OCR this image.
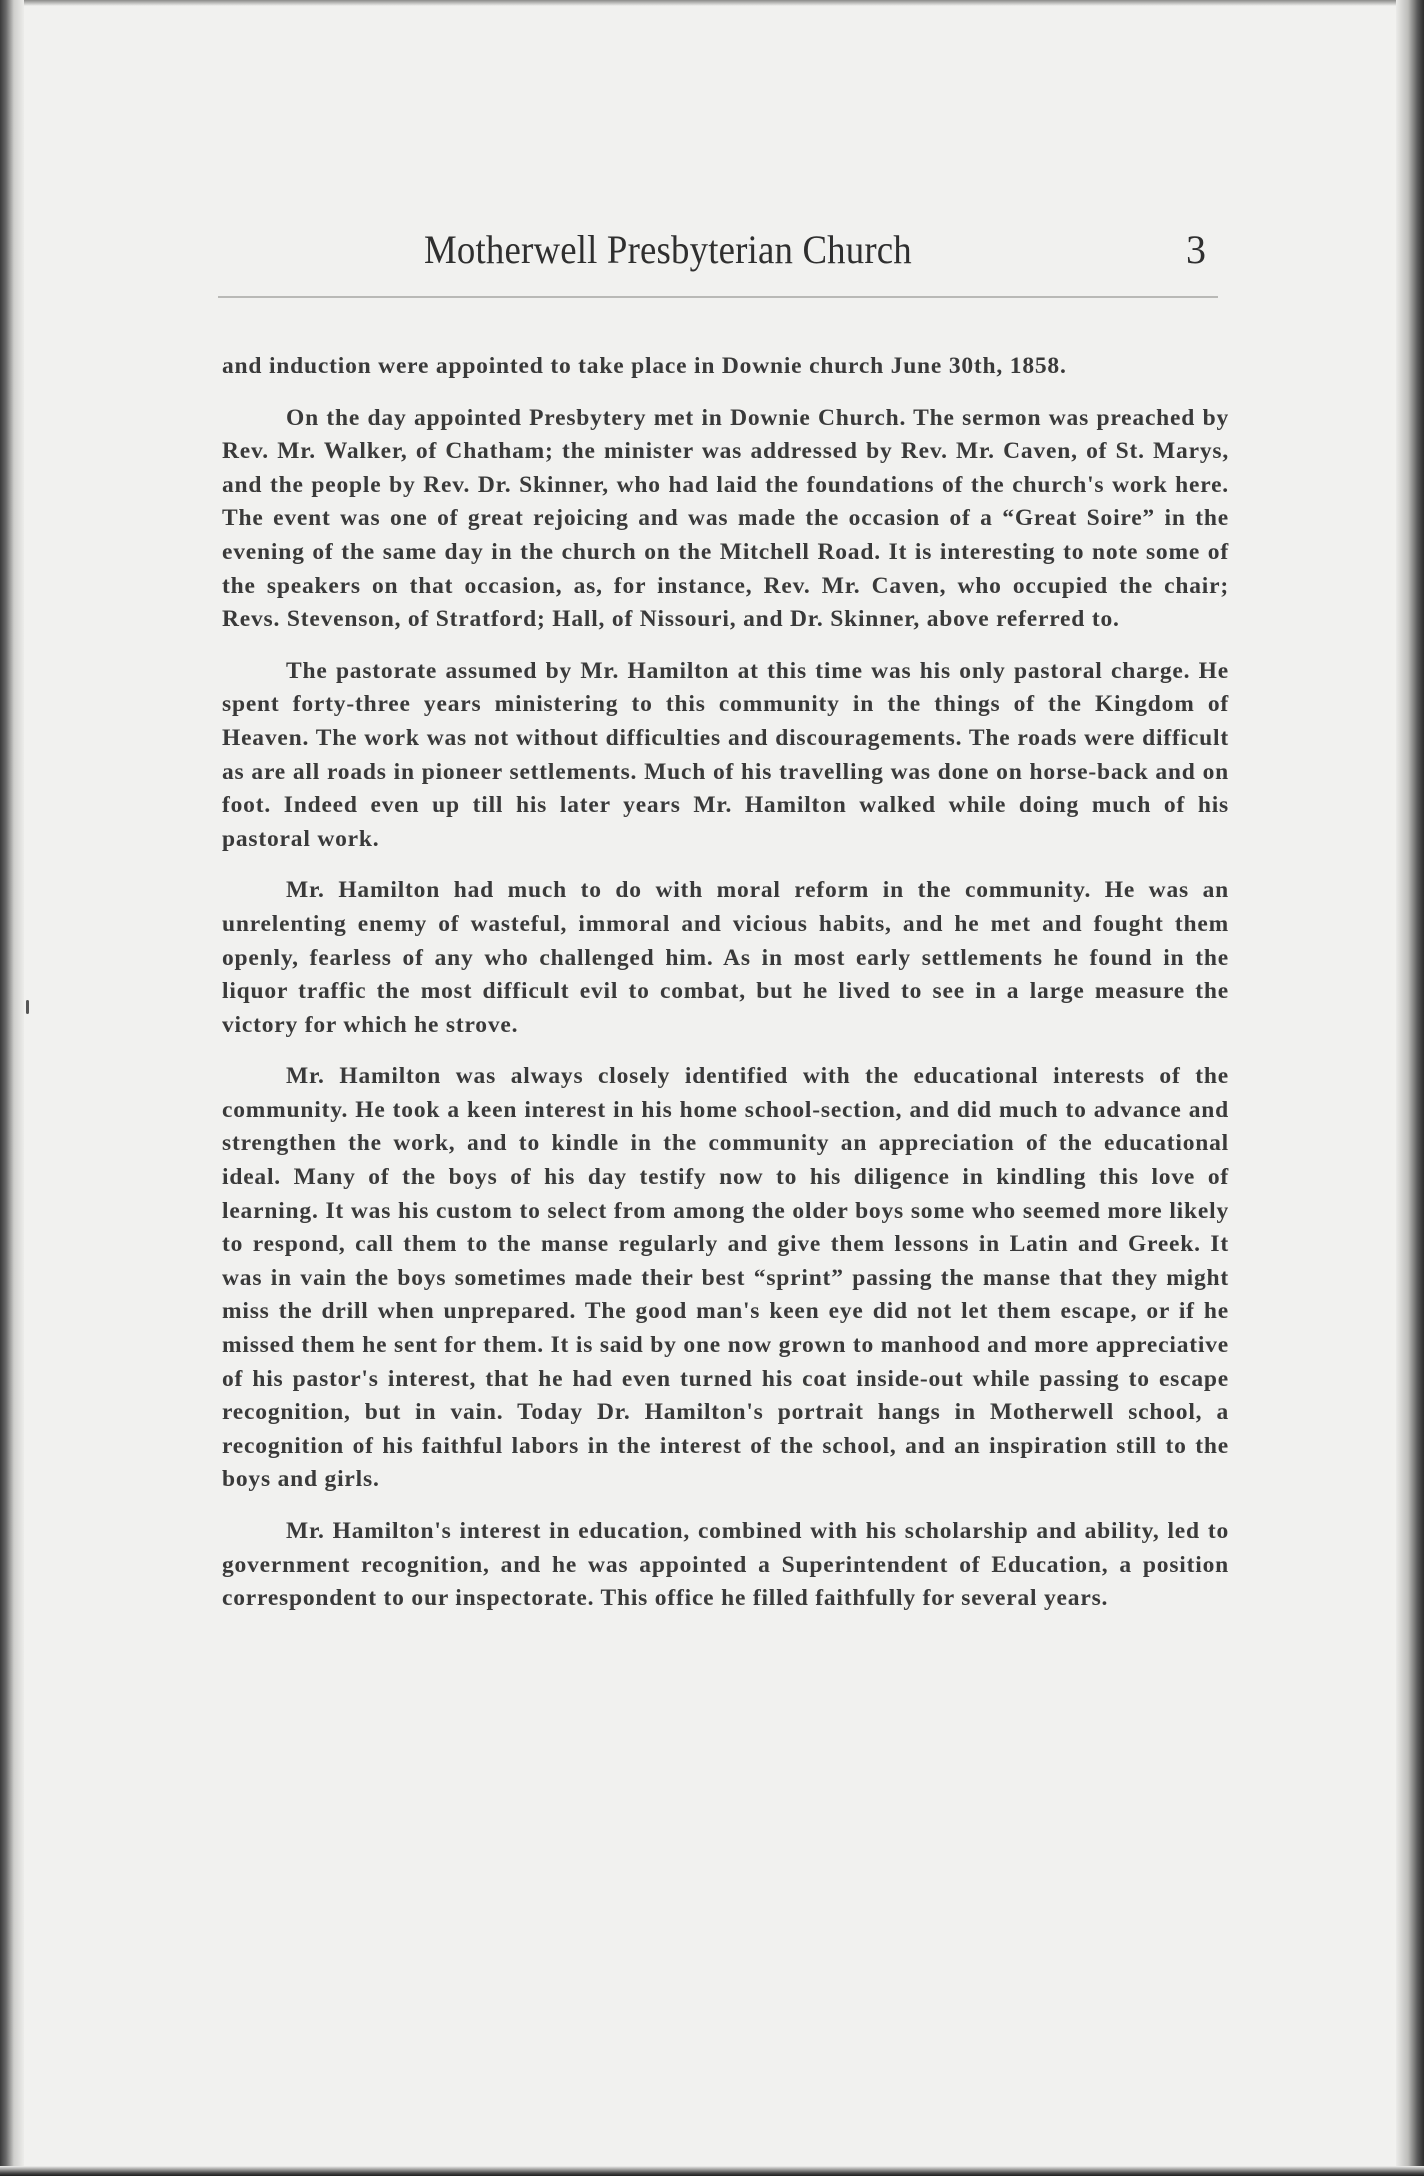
Motherwell Presbyterian Church	3

and induction were appointed to take place in Downie church June 30th, 1858.

On the day appointed Presbytery met in Downie Church. The sermon was preached by Rev. Mr. Walker, of Chatham; the minister was addressed by Rev. Mr. Caven, of St. Marys, and the people by Rev. Dr. Skinner, who had laid the foundations of the church's work here. The event was one of great rejoicing and was made the occasion of a “Great Soire” in the evening of the same day in the church on the Mitchell Road. It is interesting to note some of the speakers on that occasion, as, for instance, Rev. Mr. Caven, who occupied the chair; Revs. Stevenson, of Stratford; Hall, of Nissouri, and Dr. Skinner, above referred to.

The pastorate assumed by Mr. Hamilton at this time was his only pastoral charge. He spent forty-three years ministering to this community in the things of the Kingdom of Heaven. The work was not without difficulties and discouragements. The roads were difficult as are all roads in pioneer settlements. Much of his travelling was done on horse-back and on foot. Indeed even up till his later years Mr. Hamilton walked while doing much of his pastoral work.

Mr. Hamilton had much to do with moral reform in the community. He was an unrelenting enemy of wasteful, immoral and vicious habits, and he met and fought them openly, fearless of any who challenged him. As in most early settlements he found in the liquor traffic the most difficult evil to combat, but he lived to see in a large measure the victory for which he strove.

Mr. Hamilton was always closely identified with the educational interests of the community. He took a keen interest in his home school-section, and did much to advance and strengthen the work, and to kindle in the community an appreciation of the educational ideal. Many of the boys of his day testify now to his diligence in kindling this love of learning. It was his custom to select from among the older boys some who seemed more likely to respond, call them to the manse regularly and give them lessons in Latin and Greek. It was in vain the boys sometimes made their best “sprint” passing the manse that they might miss the drill when unprepared. The good man's keen eye did not let them escape, or if he missed them he sent for them. It is said by one now grown to manhood and more appreciative of his pastor's interest, that he had even turned his coat inside-out while passing to escape recognition, but in vain. Today Dr. Hamilton's portrait hangs in Motherwell school, a recognition of his faithful labors in the interest of the school, and an inspiration still to the boys and girls.

Mr. Hamilton's interest in education, combined with his scholarship and ability, led to government recognition, and he was appointed a Superintendent of Education, a position correspondent to our inspectorate. This office he filled faithfully for several years.
